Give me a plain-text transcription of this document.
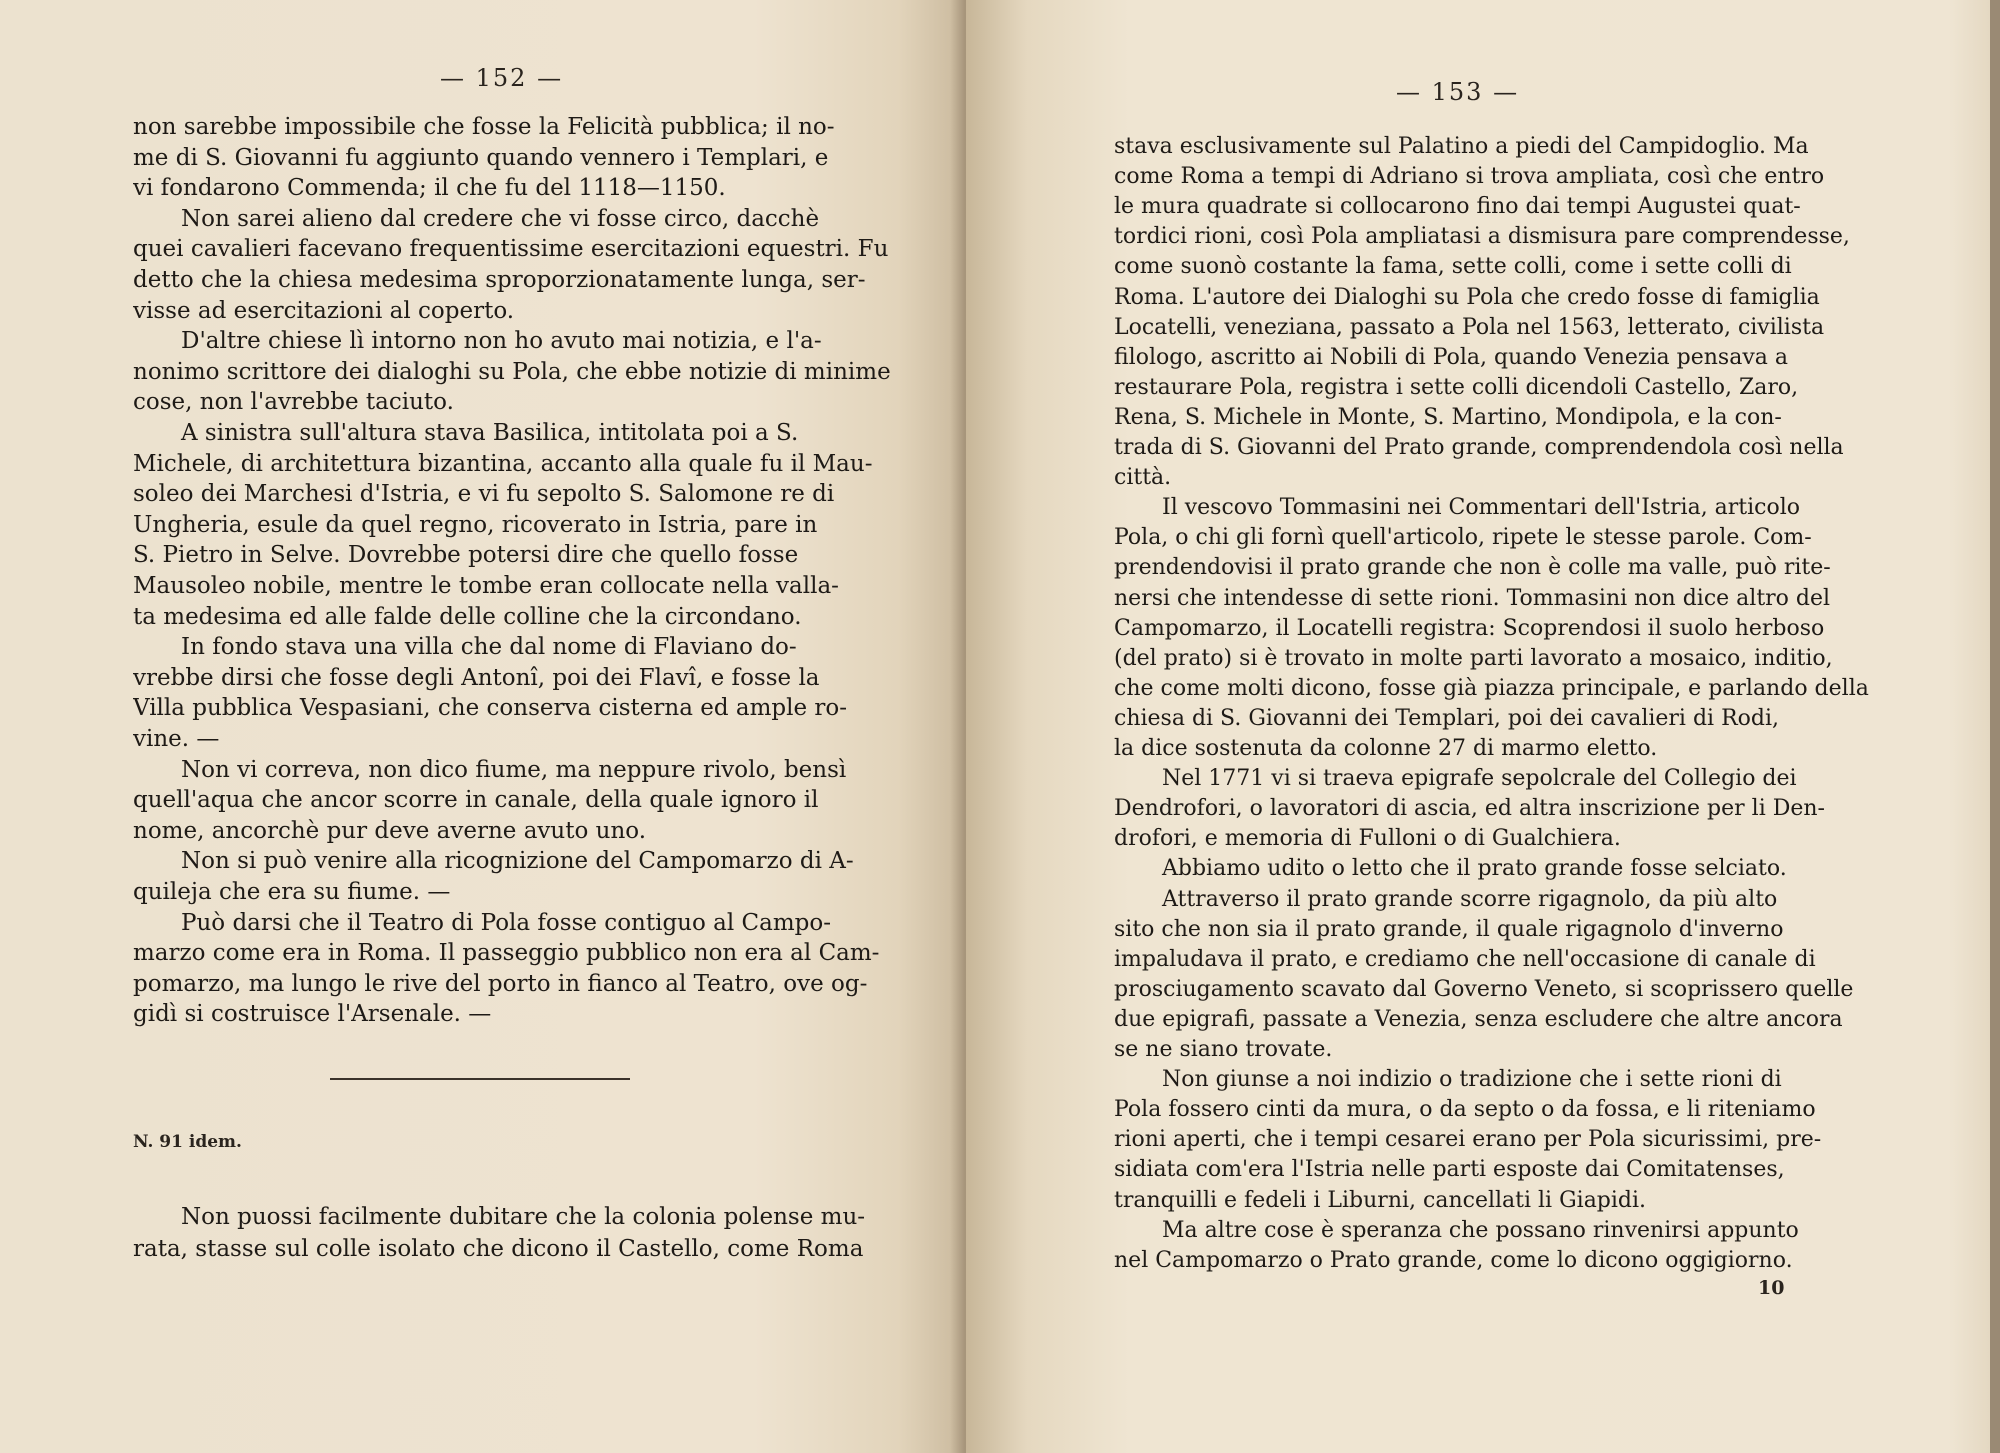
— 152 —
non sarebbe impossibile che fosse la Felicità pubblica; il no-
me di S. Giovanni fu aggiunto quando vennero i Templari, e
vi fondarono Commenda; il che fu del 1118—1150.
Non sarei alieno dal credere che vi fosse circo, dacchè
quei cavalieri facevano frequentissime esercitazioni equestri. Fu
detto che la chiesa medesima sproporzionatamente lunga, ser-
visse ad esercitazioni al coperto.
D'altre chiese lì intorno non ho avuto mai notizia, e l'a-
nonimo scrittore dei dialoghi su Pola, che ebbe notizie di minime
cose, non l'avrebbe taciuto.
A sinistra sull'altura stava Basilica, intitolata poi a S.
Michele, di architettura bizantina, accanto alla quale fu il Mau-
soleo dei Marchesi d'Istria, e vi fu sepolto S. Salomone re di
Ungheria, esule da quel regno, ricoverato in Istria, pare in
S. Pietro in Selve. Dovrebbe potersi dire che quello fosse
Mausoleo nobile, mentre le tombe eran collocate nella valla-
ta medesima ed alle falde delle colline che la circondano.
In fondo stava una villa che dal nome di Flaviano do-
vrebbe dirsi che fosse degli Antonî, poi dei Flavî, e fosse la
Villa pubblica Vespasiani, che conserva cisterna ed ample ro-
vine. —
Non vi correva, non dico fiume, ma neppure rivolo, bensì
quell'aqua che ancor scorre in canale, della quale ignoro il
nome, ancorchè pur deve averne avuto uno.
Non si può venire alla ricognizione del Campomarzo di A-
quileja che era su fiume. —
Può darsi che il Teatro di Pola fosse contiguo al Campo-
marzo come era in Roma. Il passeggio pubblico non era al Cam-
pomarzo, ma lungo le rive del porto in fianco al Teatro, ove og-
gidì si costruisce l'Arsenale. —
N. 91 idem.
Non puossi facilmente dubitare che la colonia polense mu-
rata, stasse sul colle isolato che dicono il Castello, come Roma
— 153 —
stava esclusivamente sul Palatino a piedi del Campidoglio. Ma
come Roma a tempi di Adriano si trova ampliata, così che entro
le mura quadrate si collocarono fino dai tempi Augustei quat-
tordici rioni, così Pola ampliatasi a dismisura pare comprendesse,
come suonò costante la fama, sette colli, come i sette colli di
Roma. L'autore dei Dialoghi su Pola che credo fosse di famiglia
Locatelli, veneziana, passato a Pola nel 1563, letterato, civilista
filologo, ascritto ai Nobili di Pola, quando Venezia pensava a
restaurare Pola, registra i sette colli dicendoli Castello, Zaro,
Rena, S. Michele in Monte, S. Martino, Mondipola, e la con-
trada di S. Giovanni del Prato grande, comprendendola così nella
città.
Il vescovo Tommasini nei Commentari dell'Istria, articolo
Pola, o chi gli fornì quell'articolo, ripete le stesse parole. Com-
prendendovisi il prato grande che non è colle ma valle, può rite-
nersi che intendesse di sette rioni. Tommasini non dice altro del
Campomarzo, il Locatelli registra: Scoprendosi il suolo herboso
(del prato) si è trovato in molte parti lavorato a mosaico, inditio,
che come molti dicono, fosse già piazza principale, e parlando della
chiesa di S. Giovanni dei Templari, poi dei cavalieri di Rodi,
la dice sostenuta da colonne 27 di marmo eletto.
Nel 1771 vi si traeva epigrafe sepolcrale del Collegio dei
Dendrofori, o lavoratori di ascia, ed altra inscrizione per li Den-
drofori, e memoria di Fulloni o di Gualchiera.
Abbiamo udito o letto che il prato grande fosse selciato.
Attraverso il prato grande scorre rigagnolo, da più alto
sito che non sia il prato grande, il quale rigagnolo d'inverno
impaludava il prato, e crediamo che nell'occasione di canale di
prosciugamento scavato dal Governo Veneto, si scoprissero quelle
due epigrafi, passate a Venezia, senza escludere che altre ancora
se ne siano trovate.
Non giunse a noi indizio o tradizione che i sette rioni di
Pola fossero cinti da mura, o da septo o da fossa, e li riteniamo
rioni aperti, che i tempi cesarei erano per Pola sicurissimi, pre-
sidiata com'era l'Istria nelle parti esposte dai Comitatenses,
tranquilli e fedeli i Liburni, cancellati li Giapidi.
Ma altre cose è speranza che possano rinvenirsi appunto
nel Campomarzo o Prato grande, come lo dicono oggigiorno.
10
